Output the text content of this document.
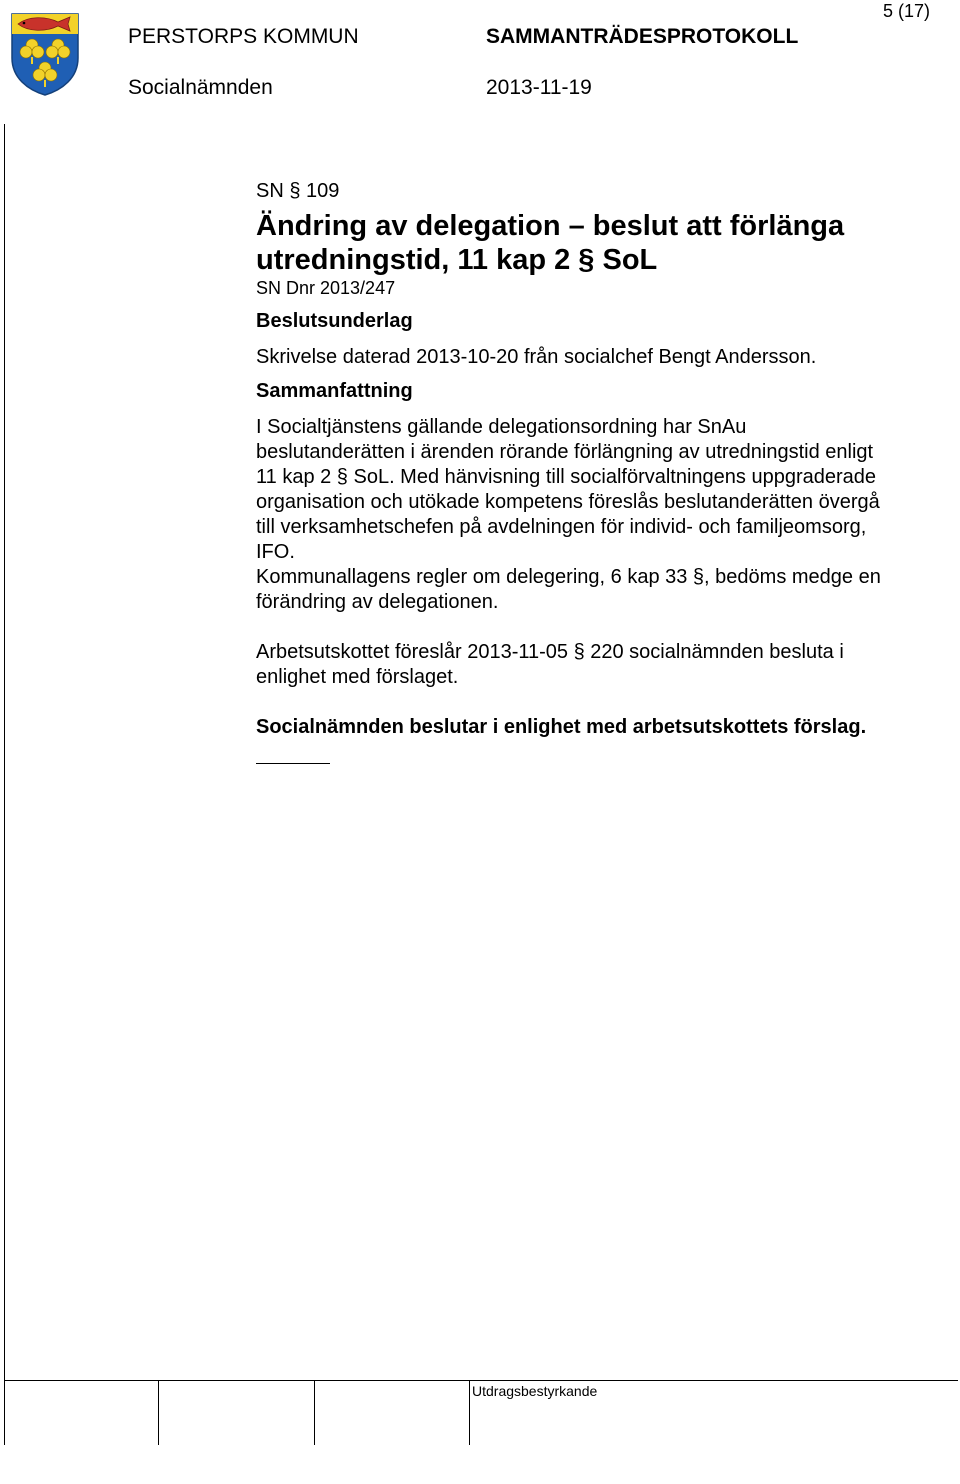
5 (17)
PERSTORPS KOMMUN	SAMMANTRÄDESPROTOKOLL
Socialnämnden	2013-11-19

SN § 109

Ändring av delegation – beslut att förlänga utredningstid, 11 kap 2 § SoL

SN Dnr 2013/247

Beslutsunderlag

Skrivelse daterad 2013-10-20 från socialchef Bengt Andersson.

Sammanfattning

I Socialtjänstens gällande delegationsordning har SnAu beslutanderätten i ärenden rörande förlängning av utredningstid enligt 11 kap 2 § SoL. Med hänvisning till socialförvaltningens uppgraderade organisation och utökade kompetens föreslås beslutanderätten övergå till verksamhetschefen på avdelningen för individ- och familjeomsorg, IFO.

Kommunallagens regler om delegering, 6 kap 33 §, bedöms medge en förändring av delegationen.

Arbetsutskottet föreslår 2013-11-05 § 220 socialnämnden besluta i enlighet med förslaget.

Socialnämnden beslutar i enlighet med arbetsutskottets förslag.

Utdragsbestyrkande
